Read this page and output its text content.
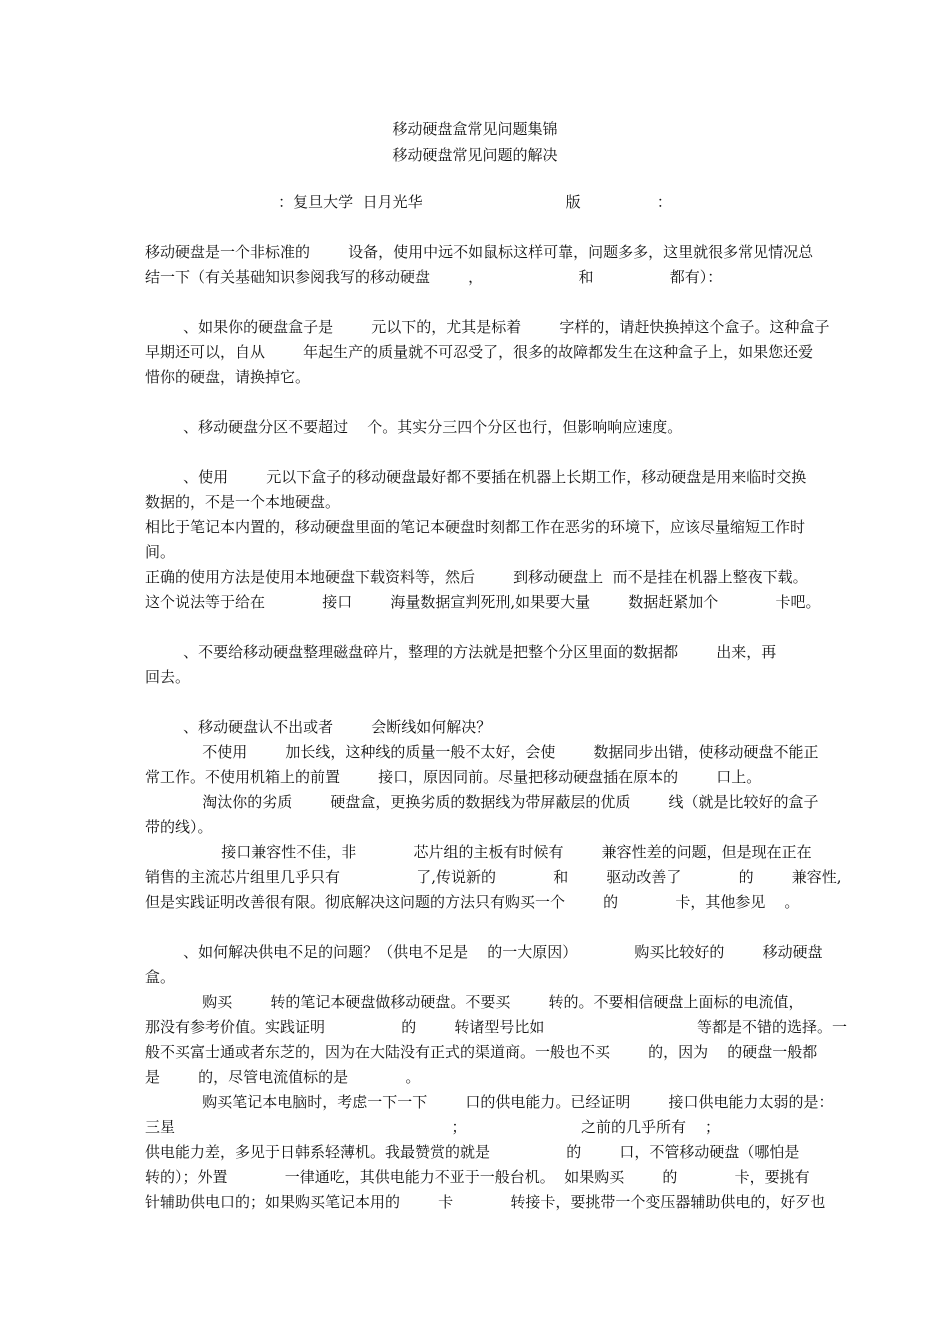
移动硬盘盒常见问题集锦
移动硬盘常见问题的解决
：复旦大学  日月光华                              版                ：
移动硬盘是一个非标准的        设备，使用中远不如鼠标这样可靠，问题多多，这里就很多常见情况总
结一下（有关基础知识参阅我写的移动硬盘        ，                    和                都有）：
、如果你的硬盘盒子是        元以下的，尤其是标着        字样的，请赶快换掉这个盒子。这种盒子
早期还可以，自从        年起生产的质量就不可忍受了，很多的故障都发生在这种盒子上，如果您还爱
惜你的硬盘，请换掉它。
、移动硬盘分区不要超过    个。其实分三四个分区也行，但影响响应速度。
、使用        元以下盒子的移动硬盘最好都不要插在机器上长期工作，移动硬盘是用来临时交换
数据的，不是一个本地硬盘。
相比于笔记本内置的，移动硬盘里面的笔记本硬盘时刻都工作在恶劣的环境下，应该尽量缩短工作时
间。
正确的使用方法是使用本地硬盘下载资料等，然后        到移动硬盘上  而不是挂在机器上整夜下载。
这个说法等于给在            接口        海量数据宣判死刑,如果要大量        数据赶紧加个            卡吧。
、不要给移动硬盘整理磁盘碎片，整理的方法就是把整个分区里面的数据都        出来，再
回去。
、移动硬盘认不出或者        会断线如何解决？
不使用        加长线，这种线的质量一般不太好，会使        数据同步出错，使移动硬盘不能正
常工作。不使用机箱上的前置        接口，原因同前。尽量把移动硬盘插在原本的        口上。
淘汰你的劣质        硬盘盒，更换劣质的数据线为带屏蔽层的优质        线（就是比较好的盒子
带的线）。
接口兼容性不佳，非            芯片组的主板有时候有        兼容性差的问题，但是现在正在
销售的主流芯片组里几乎只有                了,传说新的            和        驱动改善了            的        兼容性,
但是实践证明改善很有限。彻底解决这问题的方法只有购买一个        的            卡，其他参见    。
、如何解决供电不足的问题？（供电不足是    的一大原因）            购买比较好的        移动硬盘
盒。
购买        转的笔记本硬盘做移动硬盘。不要买        转的。不要相信硬盘上面标的电流值，
那没有参考价值。实践证明                的        转诸型号比如                                等都是不错的选择。一
般不买富士通或者东芝的，因为在大陆没有正式的渠道商。一般也不买        的，因为    的硬盘一般都
是        的，尽管电流值标的是            。
购买笔记本电脑时，考虑一下一下        口的供电能力。已经证明        接口供电能力太弱的是：
三星                                                          ；                        之前的几乎所有    ；
供电能力差，多见于日韩系轻薄机。我最赞赏的就是                的        口，不管移动硬盘（哪怕是
转的）；外置            一律通吃，其供电能力不亚于一般台机。  如果购买        的            卡，要挑有
针辅助供电口的；如果购买笔记本用的        卡            转接卡，要挑带一个变压器辅助供电的，好歹也
